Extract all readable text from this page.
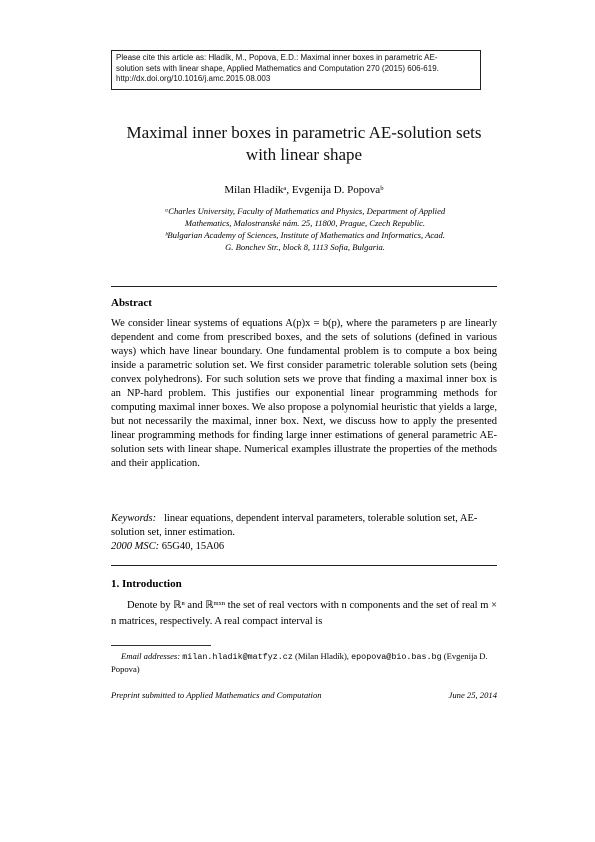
Please cite this article as: Hladík, M., Popova, E.D.: Maximal inner boxes in parametric AE-
solution sets with linear shape, Applied Mathematics and Computation 270 (2015) 606-619.
http://dx.doi.org/10.1016/j.amc.2015.08.003
Maximal inner boxes in parametric AE-solution sets
with linear shape
Milan Hladíkᵃ, Evgenija D. Popovaᵇ
ᵃCharles University, Faculty of Mathematics and Physics, Department of Applied
Mathematics, Malostranské nám. 25, 11800, Prague, Czech Republic.
ᵇBulgarian Academy of Sciences, Institute of Mathematics and Informatics, Acad.
G. Bonchev Str., block 8, 1113 Sofia, Bulgaria.
Abstract
We consider linear systems of equations A(p)x = b(p), where the parameters p are linearly dependent and come from prescribed boxes, and the sets of solutions (defined in various ways) which have linear boundary. One fundamental problem is to compute a box being inside a parametric solution set. We first consider parametric tolerable solution sets (being convex polyhedrons). For such solution sets we prove that finding a maximal inner box is an NP-hard problem. This justifies our exponential linear programming methods for computing maximal inner boxes. We also propose a polynomial heuristic that yields a large, but not necessarily the maximal, inner box. Next, we discuss how to apply the presented linear programming methods for finding large inner estimations of general parametric AE-solution sets with linear shape. Numerical examples illustrate the properties of the methods and their application.
Keywords: linear equations, dependent interval parameters, tolerable solution set, AE-solution set, inner estimation.
2000 MSC: 65G40, 15A06
1. Introduction
Denote by ℝⁿ and ℝᵐˣⁿ the set of real vectors with n components and the set of real m × n matrices, respectively. A real compact interval is
Email addresses: milan.hladik@matfyz.cz (Milan Hladík), epopova@bio.bas.bg (Evgenija D. Popova)
Preprint submitted to Applied Mathematics and Computation	June 25, 2014
